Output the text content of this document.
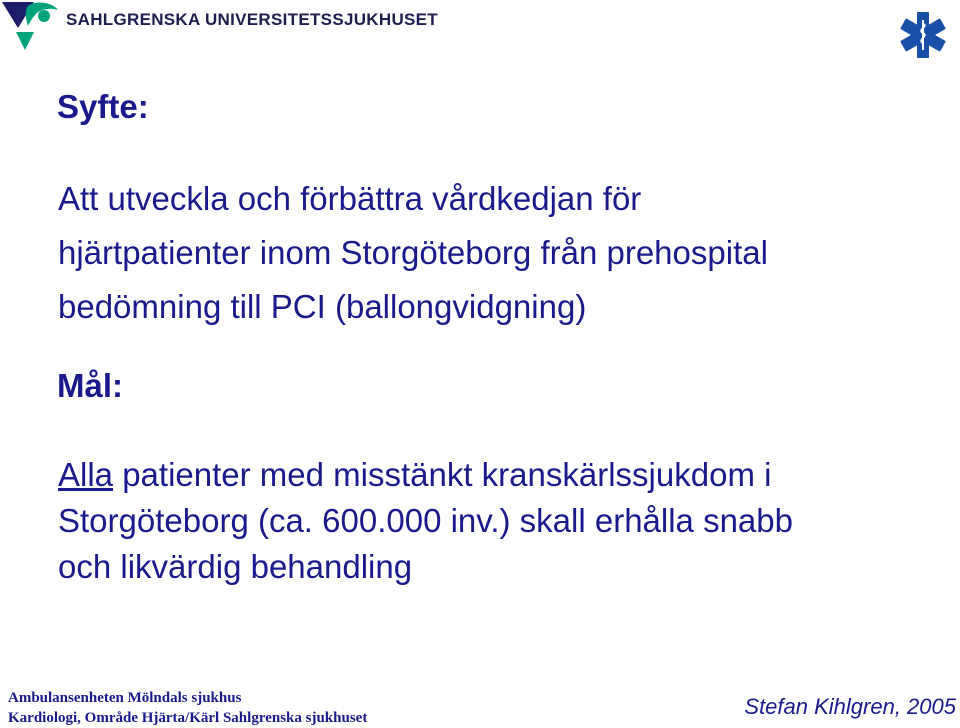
SAHLGRENSKA UNIVERSITETSSJUKHUSET
Syfte:
Att utveckla och förbättra vårdkedjan för
hjärtpatienter inom Storgöteborg från prehospital
bedömning till PCI (ballongvidgning)
Mål:
Alla patienter med misstänkt kranskärlssjukdom i
Storgöteborg (ca. 600.000 inv.) skall erhålla snabb
och likvärdig behandling
Ambulansenheten Mölndals sjukhus
Kardiologi, Område Hjärta/Kärl Sahlgrenska sjukhuset	Stefan Kihlgren, 2005
